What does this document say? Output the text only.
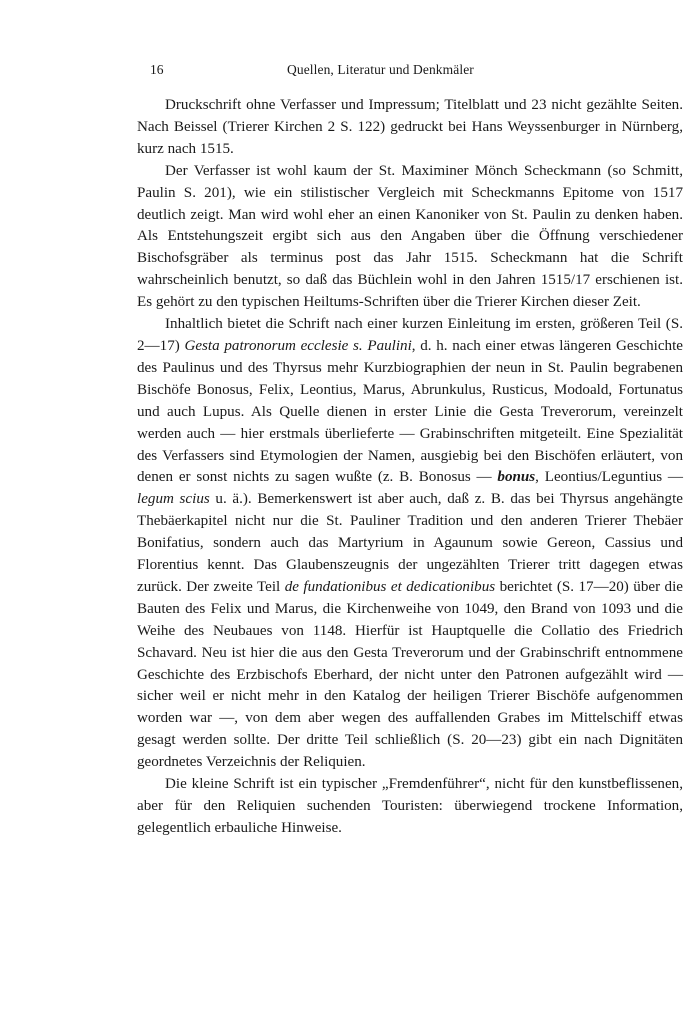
16	Quellen, Literatur und Denkmäler

Druckschrift ohne Verfasser und Impressum; Titelblatt und 23 nicht gezählte Seiten. Nach Beissel (Trierer Kirchen 2 S. 122) gedruckt bei Hans Weyssenburger in Nürnberg, kurz nach 1515.

Der Verfasser ist wohl kaum der St. Maximiner Mönch Scheckmann (so Schmitt, Paulin S. 201), wie ein stilistischer Vergleich mit Scheckmanns Epitome von 1517 deutlich zeigt. Man wird wohl eher an einen Kanoniker von St. Paulin zu denken haben. Als Entstehungszeit ergibt sich aus den Angaben über die Öffnung verschiedener Bischofsgräber als terminus post das Jahr 1515. Scheckmann hat die Schrift wahrscheinlich benutzt, so daß das Büchlein wohl in den Jahren 1515/17 erschienen ist. Es gehört zu den typischen Heiltums-Schriften über die Trierer Kirchen dieser Zeit.

Inhaltlich bietet die Schrift nach einer kurzen Einleitung im ersten, größeren Teil (S. 2—17) Gesta patronorum ecclesie s. Paulini, d. h. nach einer etwas längeren Geschichte des Paulinus und des Thyrsus mehr Kurzbiographien der neun in St. Paulin begrabenen Bischöfe Bonosus, Felix, Leontius, Marus, Abrunkulus, Rusticus, Modoald, Fortunatus und auch Lupus. Als Quelle dienen in erster Linie die Gesta Treverorum, vereinzelt werden auch — hier erstmals überlieferte — Grabinschriften mitgeteilt. Eine Spezialität des Verfassers sind Etymologien der Namen, ausgiebig bei den Bischöfen erläutert, von denen er sonst nichts zu sagen wußte (z. B. Bonosus — bonus, Leontius/Leguntius — legum scius u. ä.). Bemerkenswert ist aber auch, daß z. B. das bei Thyrsus angehängte Thebäerkapitel nicht nur die St. Pauliner Tradition und den anderen Trierer Thebäer Bonifatius, sondern auch das Martyrium in Agaunum sowie Gereon, Cassius und Florentius kennt. Das Glaubenszeugnis der ungezählten Trierer tritt dagegen etwas zurück. Der zweite Teil de fundationibus et dedicationibus berichtet (S. 17—20) über die Bauten des Felix und Marus, die Kirchenweihe von 1049, den Brand von 1093 und die Weihe des Neubaues von 1148. Hierfür ist Hauptquelle die Collatio des Friedrich Schavard. Neu ist hier die aus den Gesta Treverorum und der Grabinschrift entnommene Geschichte des Erzbischofs Eberhard, der nicht unter den Patronen aufgezählt wird — sicher weil er nicht mehr in den Katalog der heiligen Trierer Bischöfe aufgenommen worden war —, von dem aber wegen des auffallenden Grabes im Mittelschiff etwas gesagt werden sollte. Der dritte Teil schließlich (S. 20—23) gibt ein nach Dignitäten geordnetes Verzeichnis der Reliquien.

Die kleine Schrift ist ein typischer „Fremdenführer“, nicht für den kunstbeflissenen, aber für den Reliquien suchenden Touristen: überwiegend trockene Information, gelegentlich erbauliche Hinweise.
